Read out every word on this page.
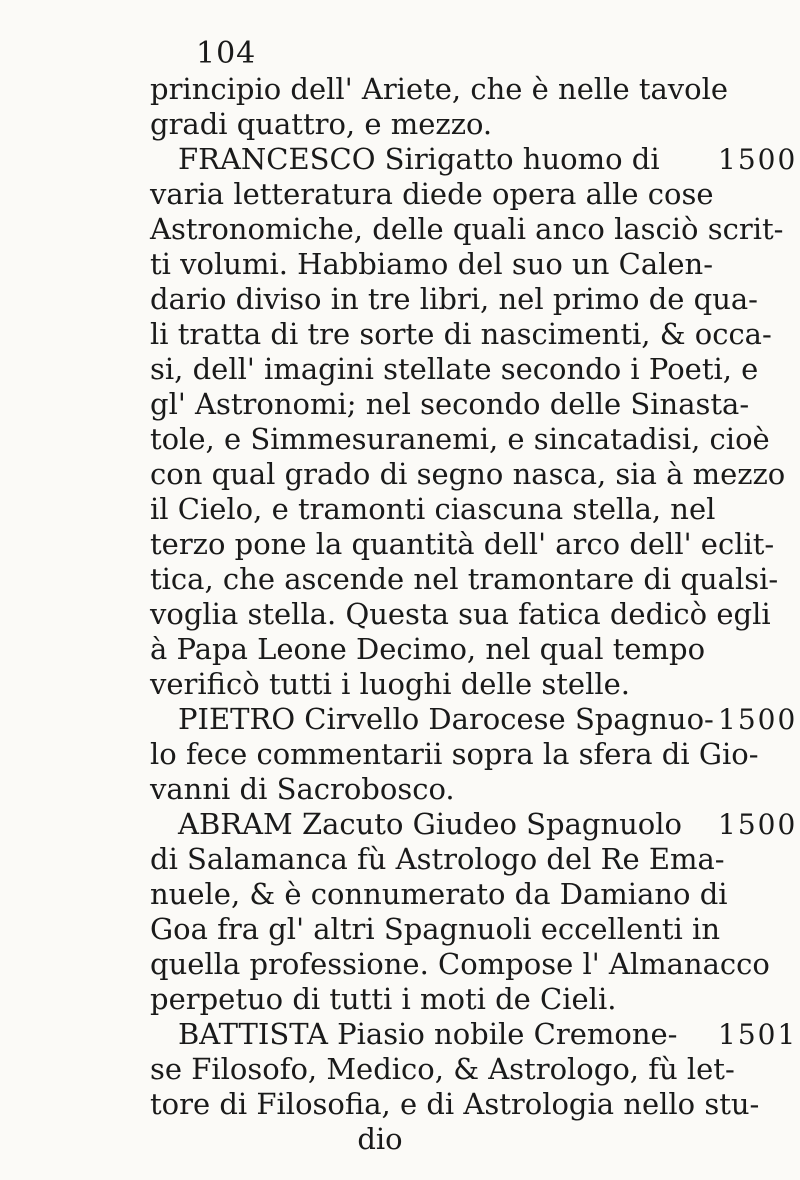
104
principio dell' Ariete, che è nelle tavole
gradi quattro, e mezzo.
FRANCESCO Sirigatto huomo di 1500
varia letteratura diede opera alle cose
Astronomiche, delle quali anco lasciò scrit-
ti volumi. Habbiamo del suo un Calen-
dario diviso in tre libri, nel primo de qua-
li tratta di tre sorte di nascimenti, & occa-
si, dell' imagini stellate secondo i Poeti, e
gl' Astronomi; nel secondo delle Sinasta-
tole, e Simmesuranemi, e sincatadisi, cioè
con qual grado di segno nasca, sia à mezzo
il Cielo, e tramonti ciascuna stella, nel
terzo pone la quantità dell' arco dell' eclit-
tica, che ascende nel tramontare di qualsi-
voglia stella. Questa sua fatica dedicò egli
à Papa Leone Decimo, nel qual tempo
verificò tutti i luoghi delle stelle.
PIETRO Cirvello Darocese Spagnuo- 1500
lo fece commentarii sopra la sfera di Gio-
vanni di Sacrobosco.
ABRAM Zacuto Giudeo Spagnuolo 1500
di Salamanca fù Astrologo del Re Ema-
nuele, & è connumerato da Damiano di
Goa fra gl' altri Spagnuoli eccellenti in
quella professione. Compose l' Almanacco
perpetuo di tutti i moti de Cieli.
BATTISTA Piasio nobile Cremone- 1501
se Filosofo, Medico, & Astrologo, fù let-
tore di Filosofia, e di Astrologia nello stu-
dio
